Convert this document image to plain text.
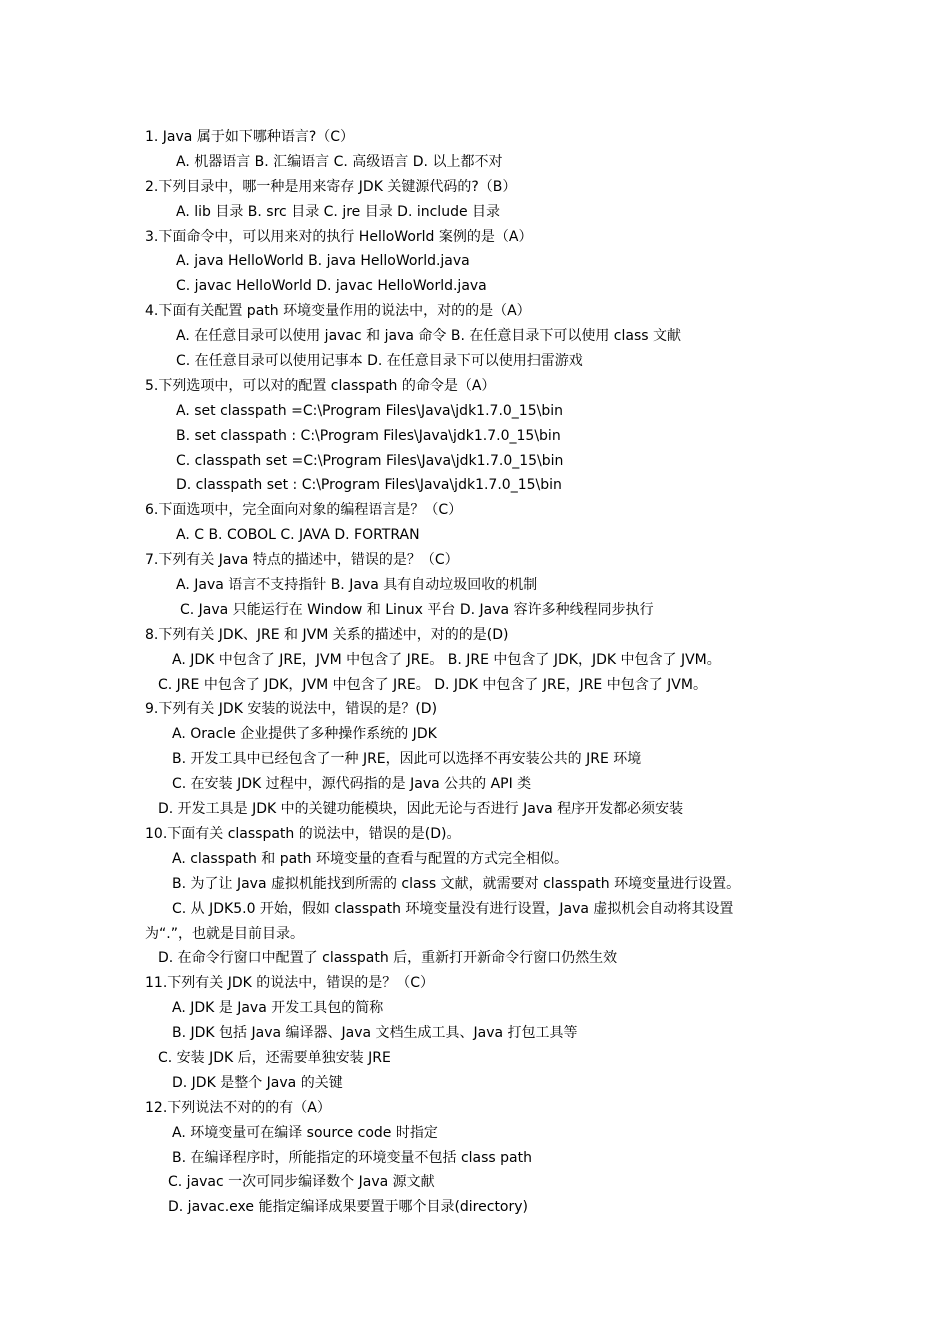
1. Java 属于如下哪种语言?（C）
A. 机器语言 B. 汇编语言 C. 高级语言 D. 以上都不对
2.下列目录中，哪一种是用来寄存 JDK 关键源代码的?（B）
A. lib 目录 B. src 目录 C. jre 目录 D. include 目录
3.下面命令中，可以用来对的执行 HelloWorld 案例的是（A）
A. java HelloWorld B. java HelloWorld.java
C. javac HelloWorld D. javac HelloWorld.java
4.下面有关配置 path 环境变量作用的说法中，对的的是（A）
A. 在任意目录可以使用 javac 和 java 命令 B. 在任意目录下可以使用 class 文献
C. 在任意目录可以使用记事本 D. 在任意目录下可以使用扫雷游戏
5.下列选项中，可以对的配置 classpath 的命令是（A）
A. set classpath =C:\Program Files\Java\jdk1.7.0_15\bin
B. set classpath : C:\Program Files\Java\jdk1.7.0_15\bin
C. classpath set =C:\Program Files\Java\jdk1.7.0_15\bin
D. classpath set : C:\Program Files\Java\jdk1.7.0_15\bin
6.下面选项中，完全面向对象的编程语言是？（C）
A. C B. COBOL C. JAVA D. FORTRAN
7.下列有关 Java 特点的描述中，错误的是？（C）
A. Java 语言不支持指针 B. Java 具有自动垃圾回收的机制
C. Java 只能运行在 Window 和 Linux 平台 D. Java 容许多种线程同步执行
8.下列有关 JDK、JRE 和 JVM 关系的描述中，对的的是(D)
A. JDK 中包含了 JRE，JVM 中包含了 JRE。 B. JRE 中包含了 JDK，JDK 中包含了 JVM。
C. JRE 中包含了 JDK，JVM 中包含了 JRE。 D. JDK 中包含了 JRE，JRE 中包含了 JVM。
9.下列有关 JDK 安装的说法中，错误的是？(D)
A. Oracle 企业提供了多种操作系统的 JDK
B. 开发工具中已经包含了一种 JRE，因此可以选择不再安装公共的 JRE 环境
C. 在安装 JDK 过程中，源代码指的是 Java 公共的 API 类
D. 开发工具是 JDK 中的关键功能模块，因此无论与否进行 Java 程序开发都必须安装
10.下面有关 classpath 的说法中，错误的是(D)。
A. classpath 和 path 环境变量的查看与配置的方式完全相似。
B. 为了让 Java 虚拟机能找到所需的 class 文献，就需要对 classpath 环境变量进行设置。
C. 从 JDK5.0 开始，假如 classpath 环境变量没有进行设置，Java 虚拟机会自动将其设置
为“.”，也就是目前目录。
D. 在命令行窗口中配置了 classpath 后，重新打开新命令行窗口仍然生效
11.下列有关 JDK 的说法中，错误的是？（C）
A. JDK 是 Java 开发工具包的简称
B. JDK 包括 Java 编译器、Java 文档生成工具、Java 打包工具等
C. 安装 JDK 后，还需要单独安装 JRE
D. JDK 是整个 Java 的关键
12.下列说法不对的的有（A）
A. 环境变量可在编译 source code 时指定
B. 在编译程序时，所能指定的环境变量不包括 class path
C. javac 一次可同步编译数个 Java 源文献
D. javac.exe 能指定编译成果要置于哪个目录(directory)
